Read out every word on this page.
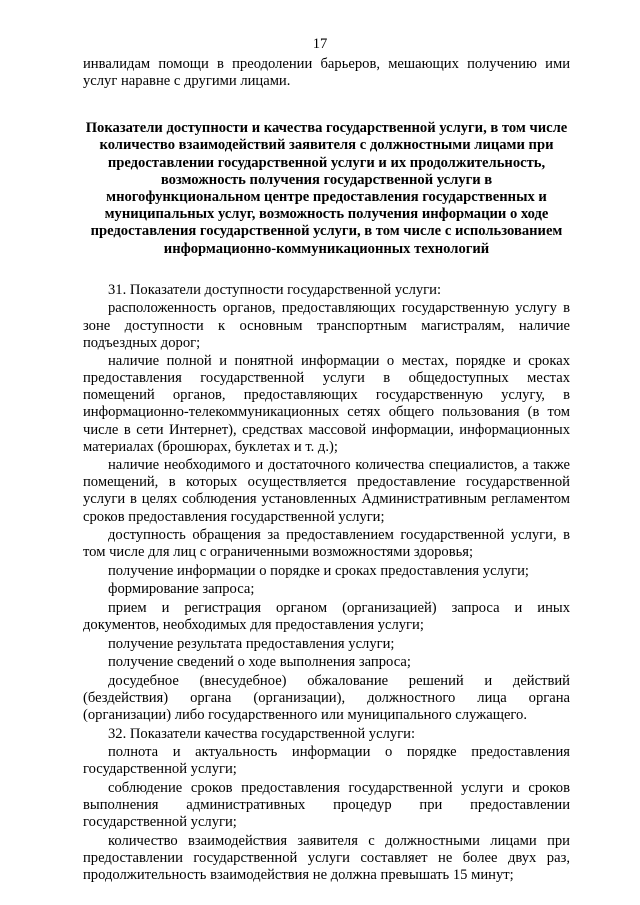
17

инвалидам помощи в преодолении барьеров, мешающих получению ими услуг наравне с другими лицами.

Показатели доступности и качества государственной услуги, в том числе количество взаимодействий заявителя с должностными лицами при предоставлении государственной услуги и их продолжительность, возможность получения государственной услуги в многофункциональном центре предоставления государственных и муниципальных услуг, возможность получения информации о ходе предоставления государственной услуги, в том числе с использованием информационно-коммуникационных технологий

31. Показатели доступности государственной услуги:

расположенность органов, предоставляющих государственную услугу в зоне доступности к основным транспортным магистралям, наличие подъездных дорог;

наличие полной и понятной информации о местах, порядке и сроках предоставления государственной услуги в общедоступных местах помещений органов, предоставляющих государственную услугу, в информационно-телекоммуникационных сетях общего пользования (в том числе в сети Интернет), средствах массовой информации, информационных материалах (брошюрах, буклетах и т. д.);

наличие необходимого и достаточного количества специалистов, а также помещений, в которых осуществляется предоставление государственной услуги в целях соблюдения установленных Административным регламентом сроков предоставления государственной услуги;

доступность обращения за предоставлением государственной услуги, в том числе для лиц с ограниченными возможностями здоровья;

получение информации о порядке и сроках предоставления услуги;

формирование запроса;

прием и регистрация органом (организацией) запроса и иных документов, необходимых для предоставления услуги;

получение результата предоставления услуги;

получение сведений о ходе выполнения запроса;

досудебное (внесудебное) обжалование решений и действий (бездействия) органа (организации), должностного лица органа (организации) либо государственного или муниципального служащего.

32. Показатели качества государственной услуги:

полнота и актуальность информации о порядке предоставления государственной услуги;

соблюдение сроков предоставления государственной услуги и сроков выполнения административных процедур при предоставлении государственной услуги;

количество взаимодействия заявителя с должностными лицами при предоставлении государственной услуги составляет не более двух раз, продолжительность взаимодействия не должна превышать 15 минут;
